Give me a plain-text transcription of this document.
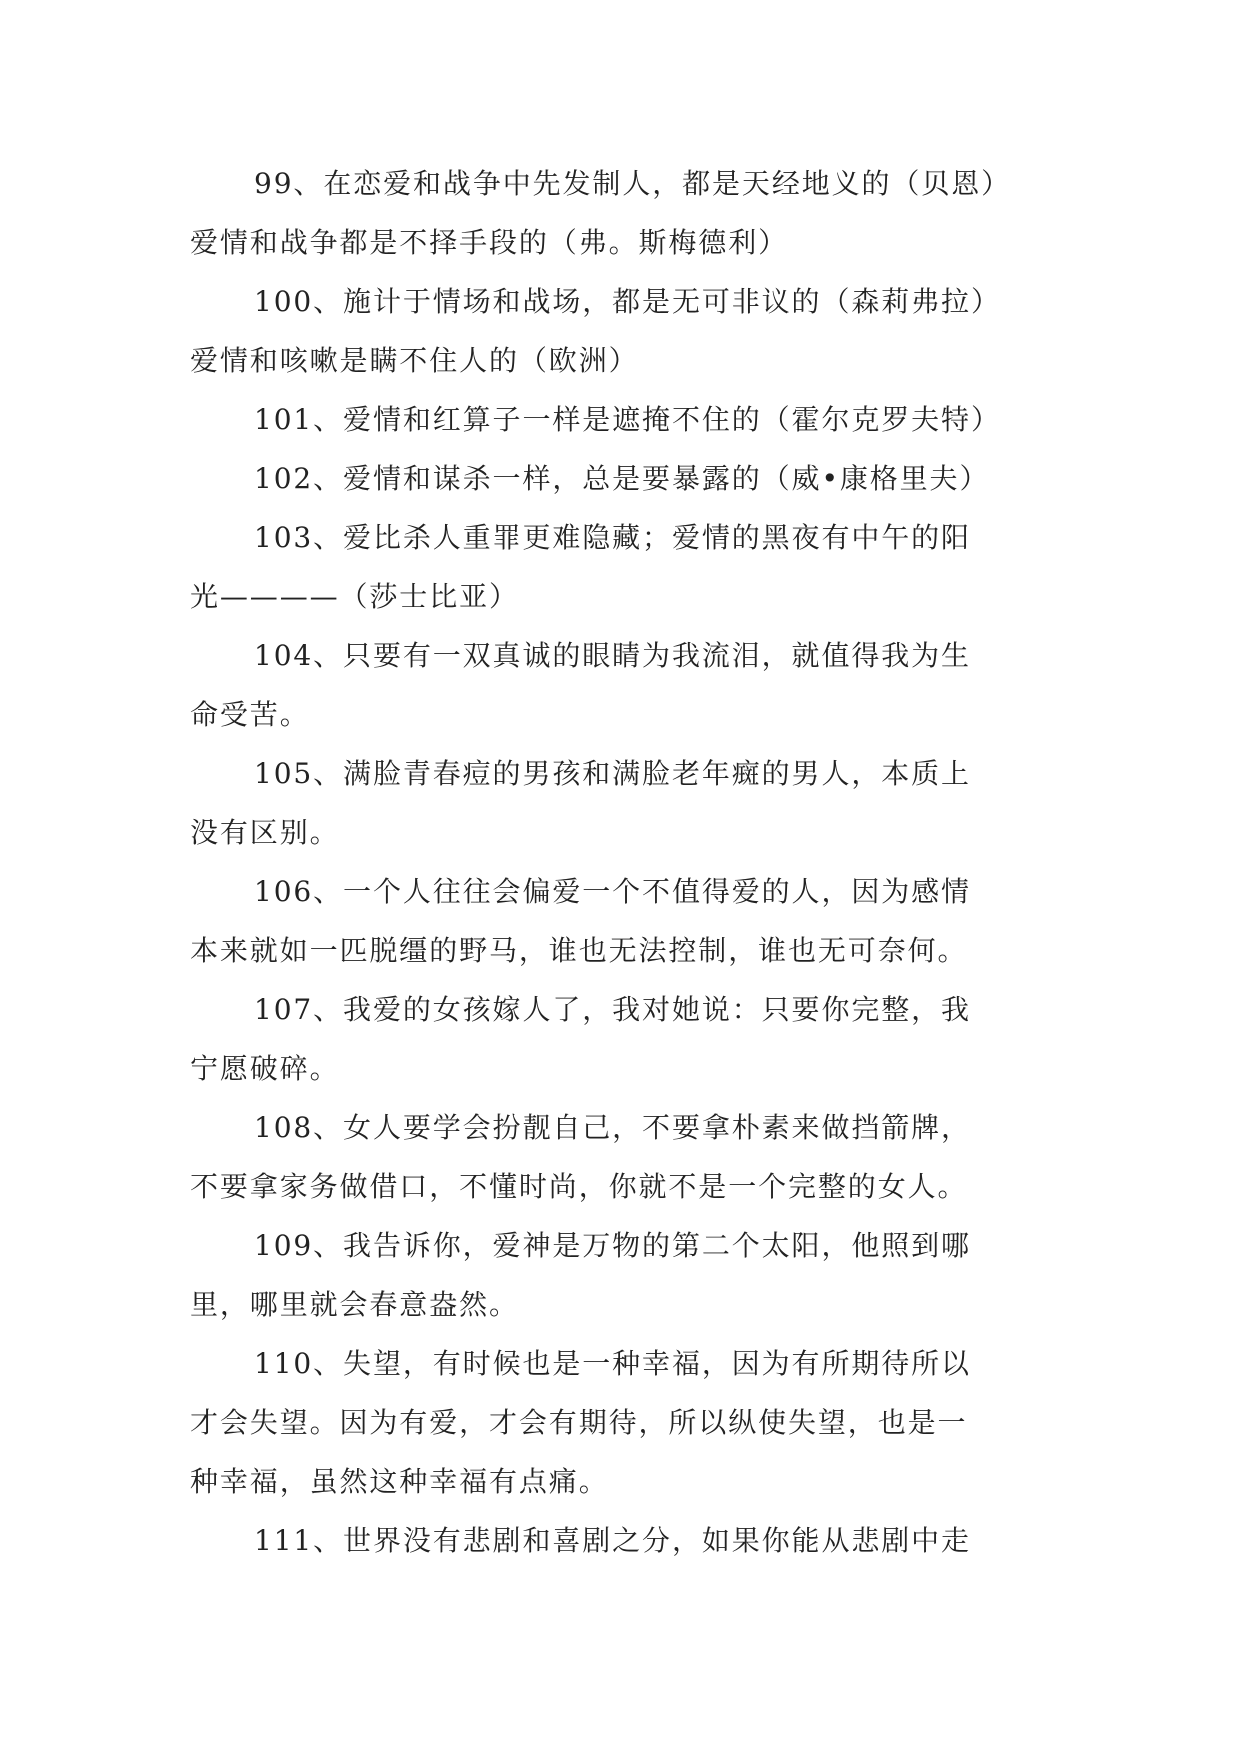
99、在恋爱和战争中先发制人，都是天经地义的（贝恩）
爱情和战争都是不择手段的（弗。斯梅德利）
100、施计于情场和战场，都是无可非议的（森莉弗拉）
爱情和咳嗽是瞒不住人的（欧洲）
101、爱情和红算子一样是遮掩不住的（霍尔克罗夫特）
102、爱情和谋杀一样，总是要暴露的（威•康格里夫）
103、爱比杀人重罪更难隐藏；爱情的黑夜有中午的阳
光————（莎士比亚）
104、只要有一双真诚的眼睛为我流泪，就值得我为生
命受苦。
105、满脸青春痘的男孩和满脸老年癍的男人，本质上
没有区别。
106、一个人往往会偏爱一个不值得爱的人，因为感情
本来就如一匹脱缰的野马，谁也无法控制，谁也无可奈何。
107、我爱的女孩嫁人了，我对她说：只要你完整，我
宁愿破碎。
108、女人要学会扮靓自己，不要拿朴素来做挡箭牌，
不要拿家务做借口，不懂时尚，你就不是一个完整的女人。
109、我告诉你，爱神是万物的第二个太阳，他照到哪
里，哪里就会春意盎然。
110、失望，有时候也是一种幸福，因为有所期待所以
才会失望。因为有爱，才会有期待，所以纵使失望，也是一
种幸福，虽然这种幸福有点痛。
111、世界没有悲剧和喜剧之分，如果你能从悲剧中走
